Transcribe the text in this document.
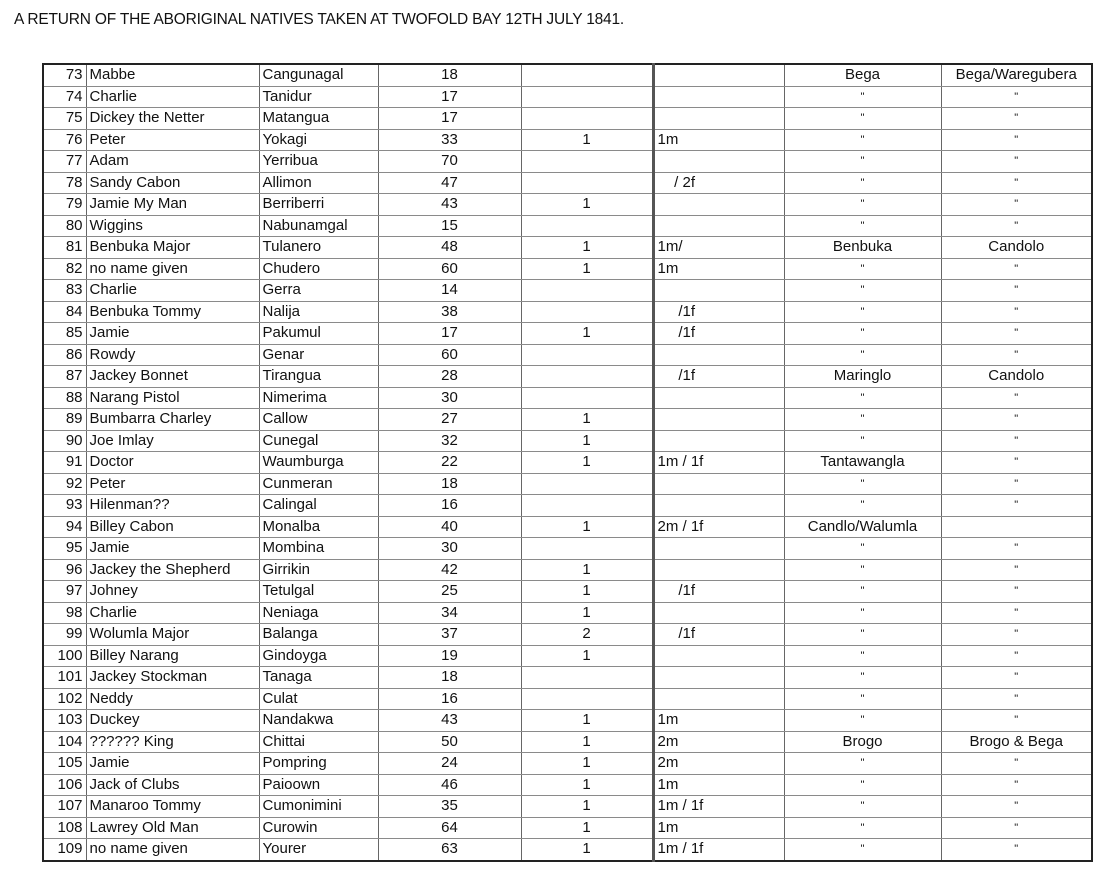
A RETURN OF THE ABORIGINAL NATIVES TAKEN AT TWOFOLD BAY 12TH JULY 1841.
73	Mabbe	Cangunagal	18			Bega	Bega/Waregubera
74	Charlie	Tanidur	17			"	"
75	Dickey the Netter	Matangua	17			"	"
76	Peter	Yokagi	33	1	1m	"	"
77	Adam	Yerribua	70			"	"
78	Sandy Cabon	Allimon	47		/ 2f	"	"
79	Jamie My Man	Berriberri	43	1		"	"
80	Wiggins	Nabunamgal	15			"	"
81	Benbuka Major	Tulanero	48	1	1m/	Benbuka	Candolo
82	no name given	Chudero	60	1	1m	"	"
83	Charlie	Gerra	14			"	"
84	Benbuka Tommy	Nalija	38		/1f	"	"
85	Jamie	Pakumul	17	1	/1f	"	"
86	Rowdy	Genar	60			"	"
87	Jackey Bonnet	Tirangua	28		/1f	Maringlo	Candolo
88	Narang Pistol	Nimerima	30			"	"
89	Bumbarra Charley	Callow	27	1		"	"
90	Joe Imlay	Cunegal	32	1		"	"
91	Doctor	Waumburga	22	1	1m / 1f	Tantawangla	"
92	Peter	Cunmeran	18			"	"
93	Hilenman??	Calingal	16			"	"
94	Billey Cabon	Monalba	40	1	2m / 1f	Candlo/Walumla	
95	Jamie	Mombina	30			"	"
96	Jackey the Shepherd	Girrikin	42	1		"	"
97	Johney	Tetulgal	25	1	/1f	"	"
98	Charlie	Neniaga	34	1		"	"
99	Wolumla Major	Balanga	37	2	/1f	"	"
100	Billey Narang	Gindoyga	19	1		"	"
101	Jackey Stockman	Tanaga	18			"	"
102	Neddy	Culat	16			"	"
103	Duckey	Nandakwa	43	1	1m	"	"
104	?????? King	Chittai	50	1	2m	Brogo	Brogo & Bega
105	Jamie	Pompring	24	1	2m	"	"
106	Jack of Clubs	Paioown	46	1	1m	"	"
107	Manaroo Tommy	Cumonimini	35	1	1m / 1f	"	"
108	Lawrey Old Man	Curowin	64	1	1m	"	"
109	no name given	Yourer	63	1	1m / 1f	"	"
